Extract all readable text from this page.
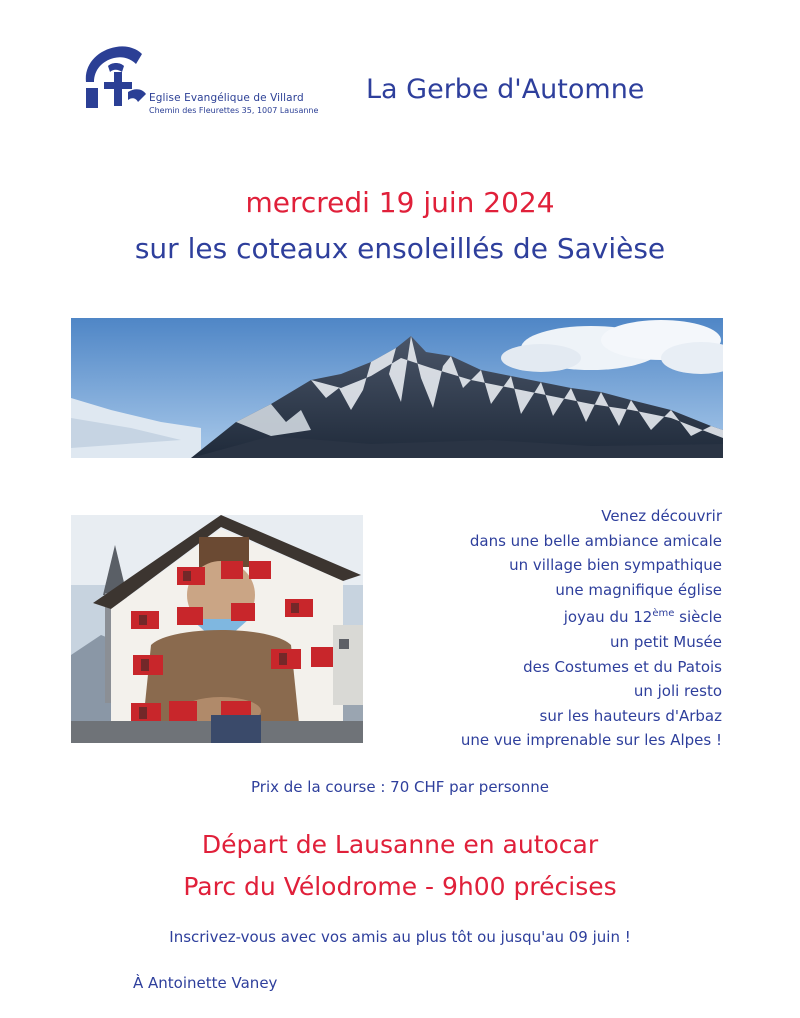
Eglise Evangélique de Villard
Chemin des Fleurettes 35, 1007 Lausanne
La Gerbe d'Automne
mercredi 19 juin 2024
sur les coteaux ensoleillés de Savièse
Venez découvrir
dans une belle ambiance amicale
un village bien sympathique
une magnifique église
joyau du 12ème siècle
un petit Musée
des Costumes et du Patois
un joli resto
sur les hauteurs d'Arbaz
une vue imprenable sur les Alpes !
Prix de la course : 70 CHF par personne
Départ de Lausanne en autocar
Parc du Vélodrome - 9h00 précises
Inscrivez-vous avec vos amis au plus tôt ou jusqu'au 09 juin !
À Antoinette Vaney
